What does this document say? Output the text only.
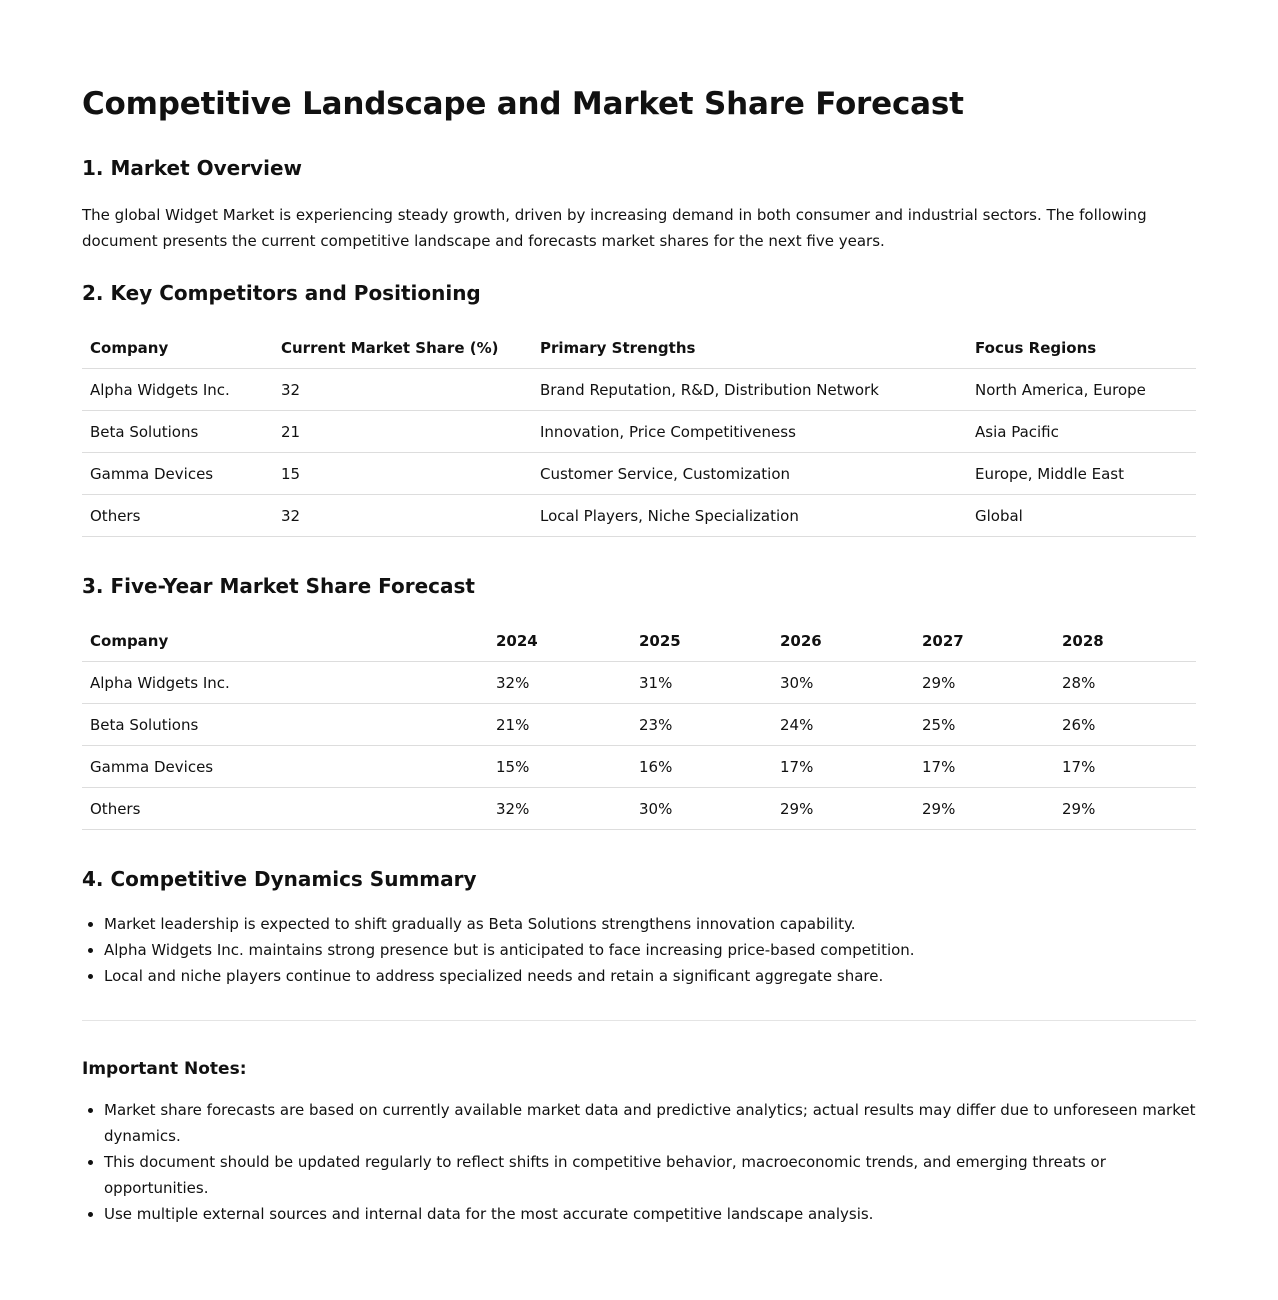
Competitive Landscape and Market Share Forecast
1. Market Overview

The global Widget Market is experiencing steady growth, driven by increasing demand in both consumer and industrial sectors. The following document presents the current competitive landscape and forecasts market shares for the next five years.

2. Key Competitors and Positioning
Company	Current Market Share (%)	Primary Strengths	Focus Regions
Alpha Widgets Inc.	32	Brand Reputation, R&D, Distribution Network	North America, Europe
Beta Solutions	21	Innovation, Price Competitiveness	Asia Pacific
Gamma Devices	15	Customer Service, Customization	Europe, Middle East
Others	32	Local Players, Niche Specialization	Global
3. Five-Year Market Share Forecast
Company	2024	2025	2026	2027	2028
Alpha Widgets Inc.	32%	31%	30%	29%	28%
Beta Solutions	21%	23%	24%	25%	26%
Gamma Devices	15%	16%	17%	17%	17%
Others	32%	30%	29%	29%	29%
4. Competitive Dynamics Summary
• Market leadership is expected to shift gradually as Beta Solutions strengthens innovation capability.
• Alpha Widgets Inc. maintains strong presence but is anticipated to face increasing price-based competition.
• Local and niche players continue to address specialized needs and retain a significant aggregate share.
Important Notes:
• Market share forecasts are based on currently available market data and predictive analytics; actual results may differ due to unforeseen market dynamics.
• This document should be updated regularly to reflect shifts in competitive behavior, macroeconomic trends, and emerging threats or opportunities.
• Use multiple external sources and internal data for the most accurate competitive landscape analysis.
